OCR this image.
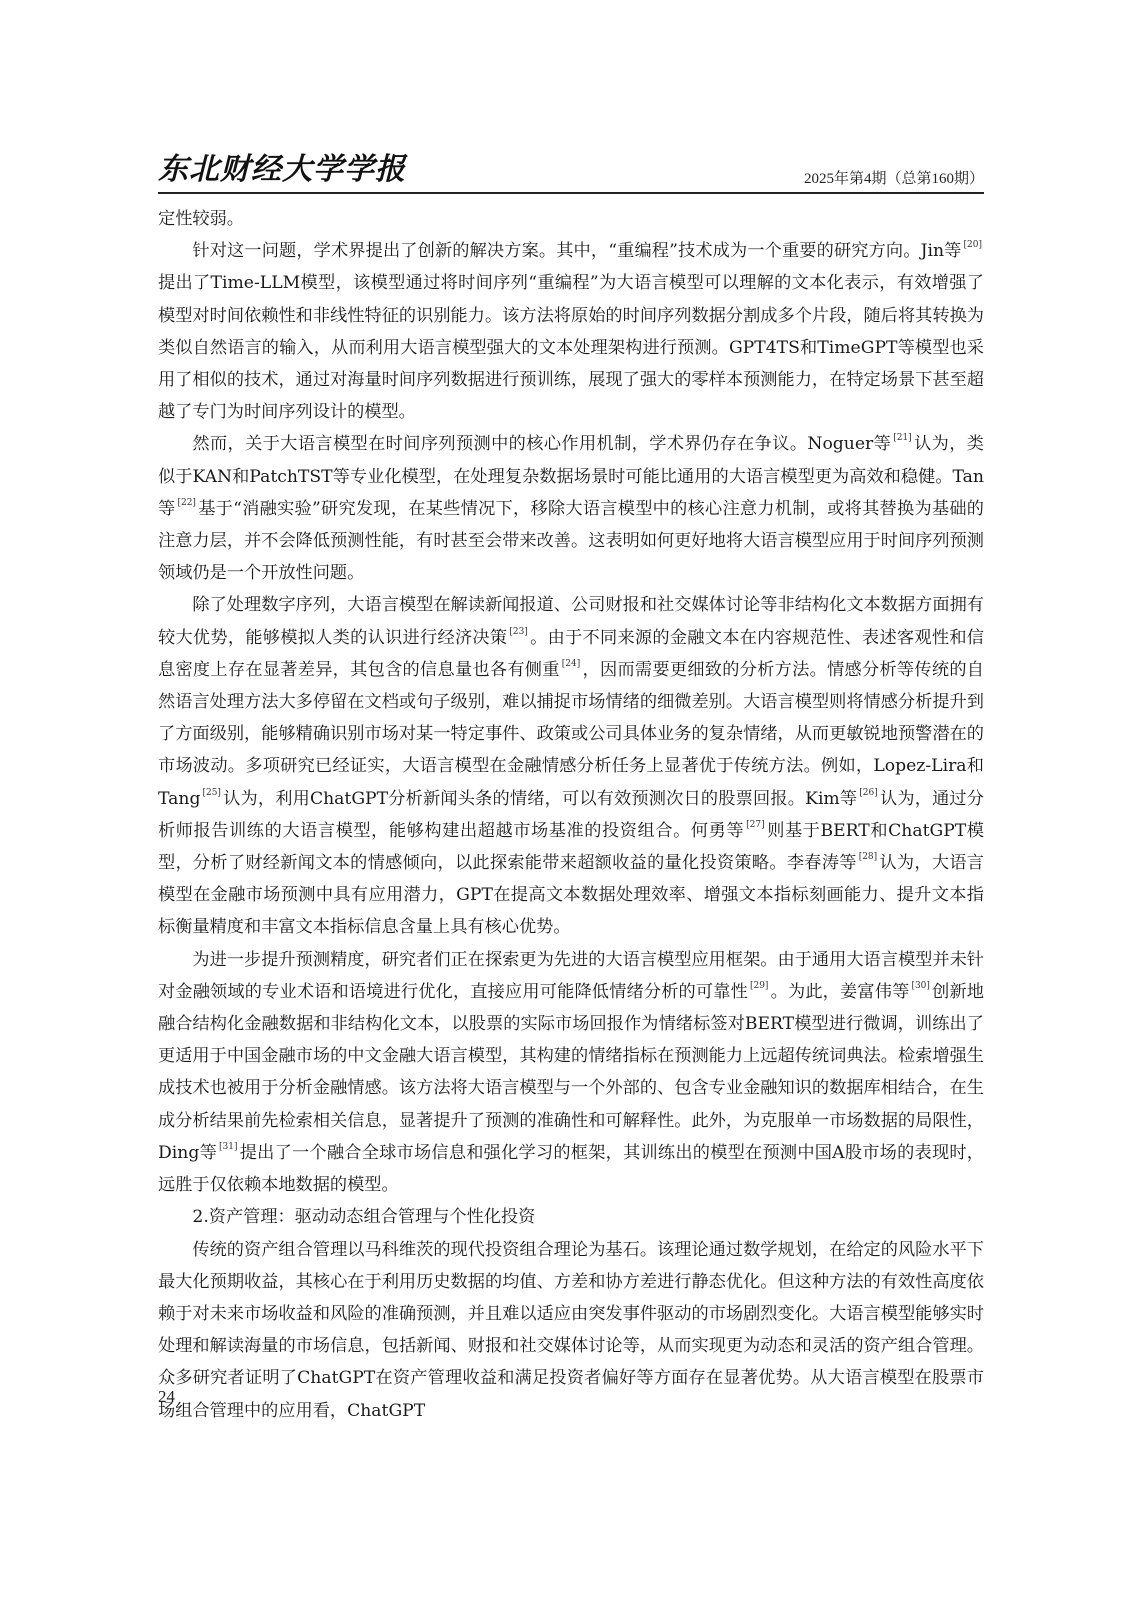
东北财经大学学报	2025年第4期（总第160期）

定性较弱。

针对这一问题，学术界提出了创新的解决方案。其中，“重编程”技术成为一个重要的研究方向。Jin等 [20]提出了Time-LLM模型，该模型通过将时间序列“重编程”为大语言模型可以理解的文本化表示，有效增强了模型对时间依赖性和非线性特征的识别能力。该方法将原始的时间序列数据分割成多个片段，随后将其转换为类似自然语言的输入，从而利用大语言模型强大的文本处理架构进行预测。GPT4TS和TimeGPT等模型也采用了相似的技术，通过对海量时间序列数据进行预训练，展现了强大的零样本预测能力，在特定场景下甚至超越了专门为时间序列设计的模型。

然而，关于大语言模型在时间序列预测中的核心作用机制，学术界仍存在争议。Noguer等 [21] 认为，类似于KAN和PatchTST等专业化模型，在处理复杂数据场景时可能比通用的大语言模型更为高效和稳健。Tan等 [22] 基于“消融实验”研究发现，在某些情况下，移除大语言模型中的核心注意力机制，或将其替换为基础的注意力层，并不会降低预测性能，有时甚至会带来改善。这表明如何更好地将大语言模型应用于时间序列预测领域仍是一个开放性问题。

除了处理数字序列，大语言模型在解读新闻报道、公司财报和社交媒体讨论等非结构化文本数据方面拥有较大优势，能够模拟人类的认识进行经济决策 [23] 。由于不同来源的金融文本在内容规范性、表述客观性和信息密度上存在显著差异，其包含的信息量也各有侧重 [24] ，因而需要更细致的分析方法。情感分析等传统的自然语言处理方法大多停留在文档或句子级别，难以捕捉市场情绪的细微差别。大语言模型则将情感分析提升到了方面级别，能够精确识别市场对某一特定事件、政策或公司具体业务的复杂情绪，从而更敏锐地预警潜在的市场波动。多项研究已经证实，大语言模型在金融情感分析任务上显著优于传统方法。例如，Lopez-Lira和Tang [25] 认为，利用ChatGPT分析新闻头条的情绪，可以有效预测次日的股票回报。Kim等 [26] 认为，通过分析师报告训练的大语言模型，能够构建出超越市场基准的投资组合。何勇等 [27] 则基于BERT和ChatGPT模型，分析了财经新闻文本的情感倾向，以此探索能带来超额收益的量化投资策略。李春涛等 [28] 认为，大语言模型在金融市场预测中具有应用潜力，GPT在提高文本数据处理效率、增强文本指标刻画能力、提升文本指标衡量精度和丰富文本指标信息含量上具有核心优势。

为进一步提升预测精度，研究者们正在探索更为先进的大语言模型应用框架。由于通用大语言模型并未针对金融领域的专业术语和语境进行优化，直接应用可能降低情绪分析的可靠性 [29] 。为此，姜富伟等 [30] 创新地融合结构化金融数据和非结构化文本，以股票的实际市场回报作为情绪标签对BERT模型进行微调，训练出了更适用于中国金融市场的中文金融大语言模型，其构建的情绪指标在预测能力上远超传统词典法。检索增强生成技术也被用于分析金融情感。该方法将大语言模型与一个外部的、包含专业金融知识的数据库相结合，在生成分析结果前先检索相关信息，显著提升了预测的准确性和可解释性。此外，为克服单一市场数据的局限性，Ding等 [31] 提出了一个融合全球市场信息和强化学习的框架，其训练出的模型在预测中国A股市场的表现时，远胜于仅依赖本地数据的模型。

2.资产管理：驱动动态组合管理与个性化投资

传统的资产组合管理以马科维茨的现代投资组合理论为基石。该理论通过数学规划，在给定的风险水平下最大化预期收益，其核心在于利用历史数据的均值、方差和协方差进行静态优化。但这种方法的有效性高度依赖于对未来市场收益和风险的准确预测，并且难以适应由突发事件驱动的市场剧烈变化。大语言模型能够实时处理和解读海量的市场信息，包括新闻、财报和社交媒体讨论等，从而实现更为动态和灵活的资产组合管理。众多研究者证明了ChatGPT在资产管理收益和满足投资者偏好等方面存在显著优势。从大语言模型在股票市场组合管理中的应用看，ChatGPT

24
